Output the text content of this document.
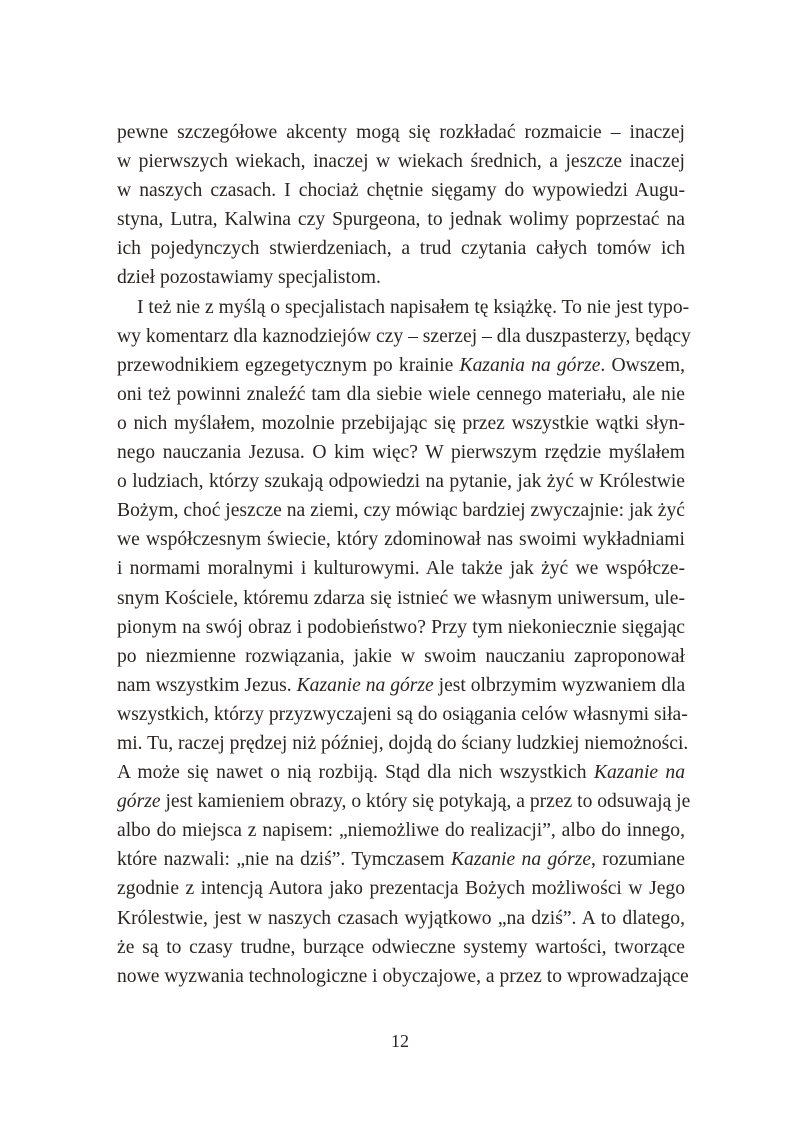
pewne szczegółowe akcenty mogą się rozkładać rozmaicie – inaczej
w pierwszych wiekach, inaczej w wiekach średnich, a jeszcze inaczej
w naszych czasach. I chociaż chętnie sięgamy do wypowiedzi Augu-
styna, Lutra, Kalwina czy Spurgeona, to jednak wolimy poprzestać na
ich pojedynczych stwierdzeniach, a trud czytania całych tomów ich
dzieł pozostawiamy specjalistom.
I też nie z myślą o specjalistach napisałem tę książkę. To nie jest typo-
wy komentarz dla kaznodziejów czy – szerzej – dla duszpasterzy, będący
przewodnikiem egzegetycznym po krainie Kazania na górze. Owszem,
oni też powinni znaleźć tam dla siebie wiele cennego materiału, ale nie
o nich myślałem, mozolnie przebijając się przez wszystkie wątki słyn-
nego nauczania Jezusa. O kim więc? W pierwszym rzędzie myślałem
o ludziach, którzy szukają odpowiedzi na pytanie, jak żyć w Królestwie
Bożym, choć jeszcze na ziemi, czy mówiąc bardziej zwyczajnie: jak żyć
we współczesnym świecie, który zdominował nas swoimi wykładniami
i normami moralnymi i kulturowymi. Ale także jak żyć we współcze-
snym Kościele, któremu zdarza się istnieć we własnym uniwersum, ule-
pionym na swój obraz i podobieństwo? Przy tym niekoniecznie sięgając
po niezmienne rozwiązania, jakie w swoim nauczaniu zaproponował
nam wszystkim Jezus. Kazanie na górze jest olbrzymim wyzwaniem dla
wszystkich, którzy przyzwyczajeni są do osiągania celów własnymi siła-
mi. Tu, raczej prędzej niż później, dojdą do ściany ludzkiej niemożności.
A może się nawet o nią rozbiją. Stąd dla nich wszystkich Kazanie na
górze jest kamieniem obrazy, o który się potykają, a przez to odsuwają je
albo do miejsca z napisem: „niemożliwe do realizacji”, albo do innego,
które nazwali: „nie na dziś”. Tymczasem Kazanie na górze, rozumiane
zgodnie z intencją Autora jako prezentacja Bożych możliwości w Jego
Królestwie, jest w naszych czasach wyjątkowo „na dziś”. A to dlatego,
że są to czasy trudne, burzące odwieczne systemy wartości, tworzące
nowe wyzwania technologiczne i obyczajowe, a przez to wprowadzające
12
